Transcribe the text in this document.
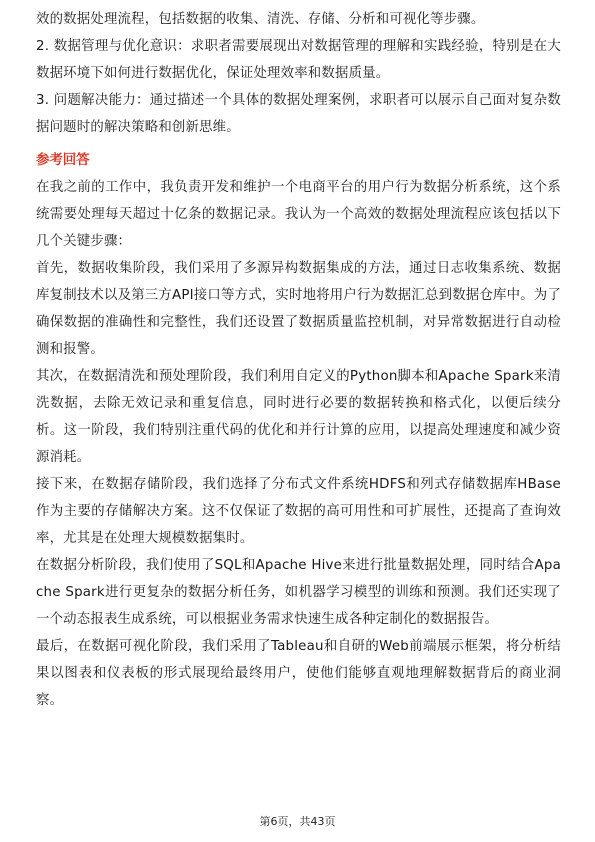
效的数据处理流程，包括数据的收集、清洗、存储、分析和可视化等步骤。

2. 数据管理与优化意识：求职者需要展现出对数据管理的理解和实践经验，特别是在大数据环境下如何进行数据优化，保证处理效率和数据质量。

3. 问题解决能力：通过描述一个具体的数据处理案例，求职者可以展示自己面对复杂数据问题时的解决策略和创新思维。

参考回答

在我之前的工作中，我负责开发和维护一个电商平台的用户行为数据分析系统，这个系统需要处理每天超过十亿条的数据记录。我认为一个高效的数据处理流程应该包括以下几个关键步骤：

首先，数据收集阶段，我们采用了多源异构数据集成的方法，通过日志收集系统、数据库复制技术以及第三方API接口等方式，实时地将用户行为数据汇总到数据仓库中。为了确保数据的准确性和完整性，我们还设置了数据质量监控机制，对异常数据进行自动检测和报警。

其次，在数据清洗和预处理阶段，我们利用自定义的Python脚本和Apache Spark来清洗数据，去除无效记录和重复信息，同时进行必要的数据转换和格式化，以便后续分析。这一阶段，我们特别注重代码的优化和并行计算的应用，以提高处理速度和减少资源消耗。

接下来，在数据存储阶段，我们选择了分布式文件系统HDFS和列式存储数据库HBase作为主要的存储解决方案。这不仅保证了数据的高可用性和可扩展性，还提高了查询效率，尤其是在处理大规模数据集时。

在数据分析阶段，我们使用了SQL和Apache Hive来进行批量数据处理，同时结合Apache Spark进行更复杂的数据分析任务，如机器学习模型的训练和预测。我们还实现了一个动态报表生成系统，可以根据业务需求快速生成各种定制化的数据报告。

最后，在数据可视化阶段，我们采用了Tableau和自研的Web前端展示框架，将分析结果以图表和仪表板的形式展现给最终用户，使他们能够直观地理解数据背后的商业洞察。

第6页，共43页
